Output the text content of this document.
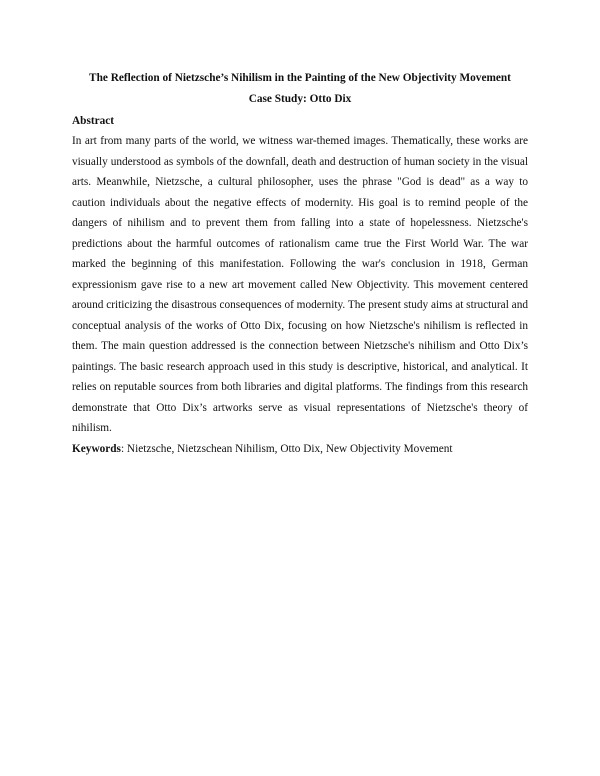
The Reflection of Nietzsche’s Nihilism in the Painting of the New Objectivity Movement

Case Study: Otto Dix

Abstract

In art from many parts of the world, we witness war-themed images. Thematically, these works are visually understood as symbols of the downfall, death and destruction of human society in the visual arts. Meanwhile, Nietzsche, a cultural philosopher, uses the phrase "God is dead" as a way to caution individuals about the negative effects of modernity. His goal is to remind people of the dangers of nihilism and to prevent them from falling into a state of hopelessness. Nietzsche's predictions about the harmful outcomes of rationalism came true the First World War. The war marked the beginning of this manifestation. Following the war's conclusion in 1918, German expressionism gave rise to a new art movement called New Objectivity. This movement centered around criticizing the disastrous consequences of modernity. The present study aims at structural and conceptual analysis of the works of Otto Dix, focusing on how Nietzsche's nihilism is reflected in them. The main question addressed is the connection between Nietzsche's nihilism and Otto Dix’s paintings. The basic research approach used in this study is descriptive, historical, and analytical. It relies on reputable sources from both libraries and digital platforms. The findings from this research demonstrate that Otto Dix’s artworks serve as visual representations of Nietzsche's theory of nihilism.

Keywords: Nietzsche, Nietzschean Nihilism, Otto Dix, New Objectivity Movement
